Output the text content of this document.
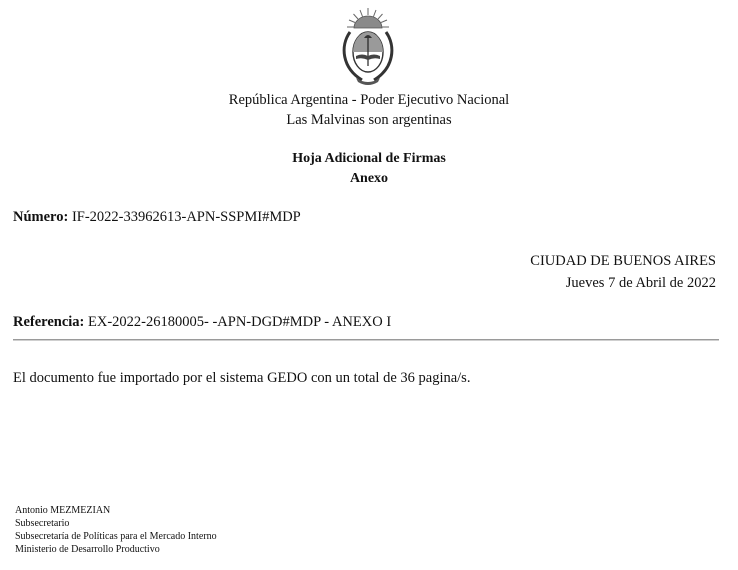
República Argentina - Poder Ejecutivo Nacional
Las Malvinas son argentinas
Hoja Adicional de Firmas
Anexo
Número: IF-2022-33962613-APN-SSPMI#MDP
CIUDAD DE BUENOS AIRES
Jueves 7 de Abril de 2022
Referencia: EX-2022-26180005- -APN-DGD#MDP - ANEXO I
El documento fue importado por el sistema GEDO con un total de 36 pagina/s.
Antonio MEZMEZIAN
Subsecretario
Subsecretaría de Políticas para el Mercado Interno
Ministerio de Desarrollo Productivo
